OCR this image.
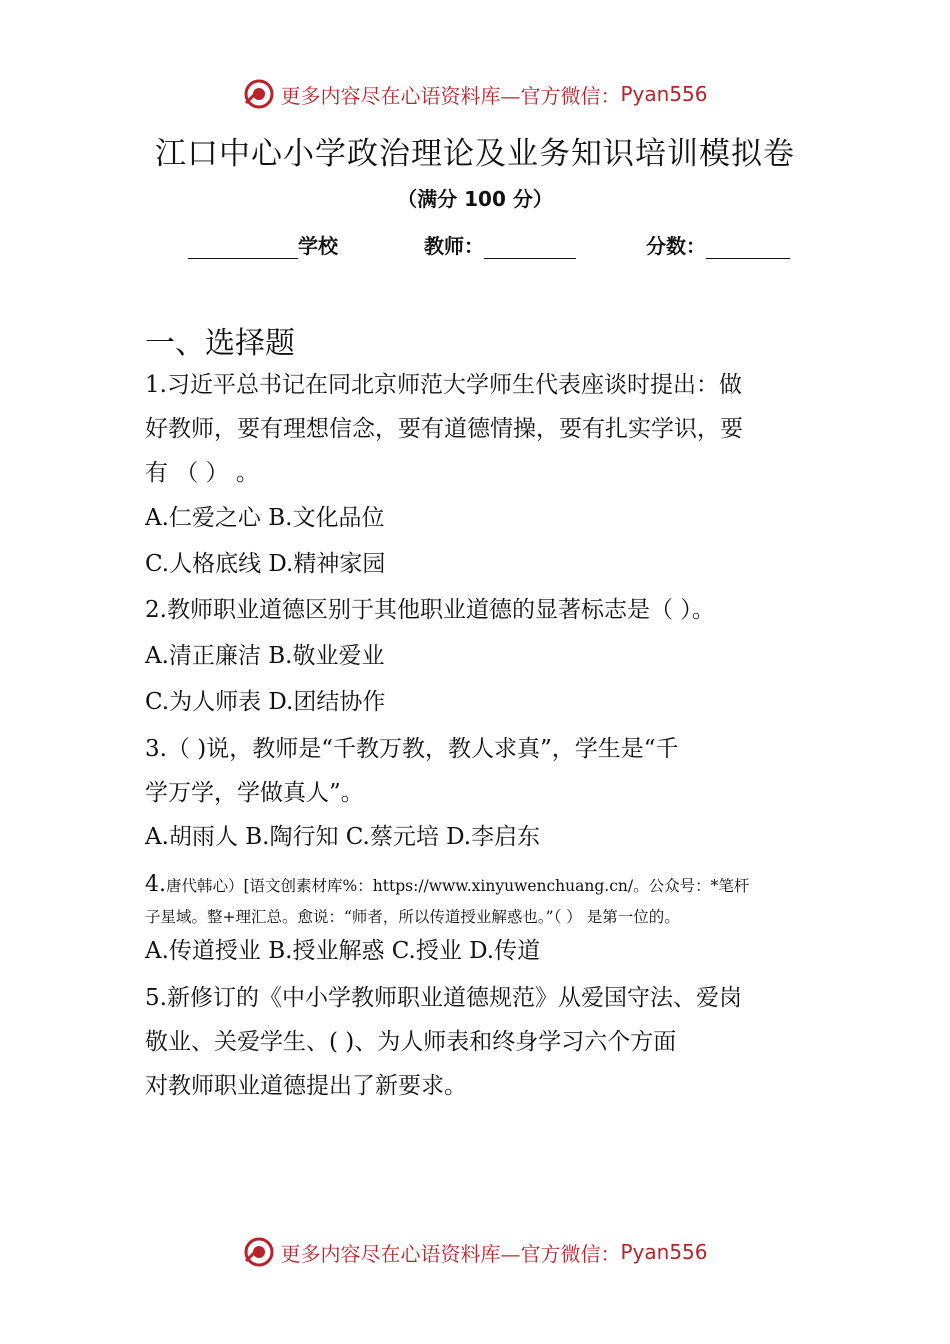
更多内容尽在心语资料库—官方微信： Pyan556
江口中心小学政治理论及业务知识培训模拟卷
（满分 100 分）
学校	教师：	分数：
一、选择题
1.习近平总书记在同北京师范大学师生代表座谈时提出：做
好教师，要有理想信念，要有道德情操，要有扎实学识，要
有 （ ） 。
A.仁爱之心 B.文化品位
C.人格底线 D.精神家园
2.教师职业道德区别于其他职业道德的显著标志是（ ）。
A.清正廉洁 B.敬业爱业
C.为人师表 D.团结协作
3.（ )说，教师是“千教万教，教人求真”，学生是“千
学万学，学做真人”。
A.胡雨人 B.陶行知 C.蔡元培 D.李启东
4.唐代韩心）[语文创素材库%：https://www.xinyuwenchuang.cn/。公众号：*笔杆
子星域。整+理汇总。愈说：“师者，所以传道授业解惑也。”（ ） 是第一位的。
A.传道授业 B.授业解惑 C.授业 D.传道
5.新修订的《中小学教师职业道德规范》从爱国守法、爱岗
敬业、关爱学生、( )、为人师表和终身学习六个方面
对教师职业道德提出了新要求。
更多内容尽在心语资料库—官方微信： Pyan556
